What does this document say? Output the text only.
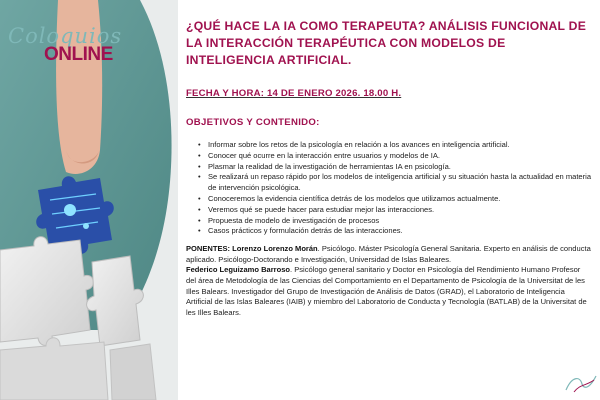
Coloquios
ONLINE
¿QUÉ HACE LA IA COMO TERAPEUTA? ANÁLISIS FUNCIONAL DE LA INTERACCIÓN TERAPÉUTICA CON MODELOS DE INTELIGENCIA ARTIFICIAL.
FECHA Y HORA: 14 DE ENERO 2026. 18.00 H.
OBJETIVOS Y CONTENIDO:
• Informar sobre los retos de la psicología en relación a los avances en inteligencia artificial.
• Conocer qué ocurre en la interacción entre usuarios y modelos de IA.
• Plasmar la realidad de la investigación de herramientas IA en psicología.
• Se realizará un repaso rápido por los modelos de inteligencia artificial y su situación hasta la actualidad en materia de intervención psicológica.
• Conoceremos la evidencia científica detrás de los modelos que utilizamos actualmente.
• Veremos qué se puede hacer para estudiar mejor las interacciones.
• Propuesta de modelo de investigación de procesos
• Casos prácticos y formulación detrás de las interacciones.
PONENTES: Lorenzo Lorenzo Morán. Psicólogo. Máster Psicología General Sanitaria. Experto en análisis de conducta aplicado. Psicólogo-Doctorando e Investigación, Universidad de Islas Baleares.
Federico Leguizamo Barroso. Psicólogo general sanitario y Doctor en Psicología del Rendimiento Humano Profesor del área de Metodología de las Ciencias del Comportamiento en el Departamento de Psicología de la Universitat de les Illes Balears. Investigador del Grupo de Investigación de Análisis de Datos (GRAD), el Laboratorio de Inteligencia Artificial de las Islas Baleares (IAIB) y miembro del Laboratorio de Conducta y Tecnología (BATLAB) de la Universitat de les Illes Balears.
